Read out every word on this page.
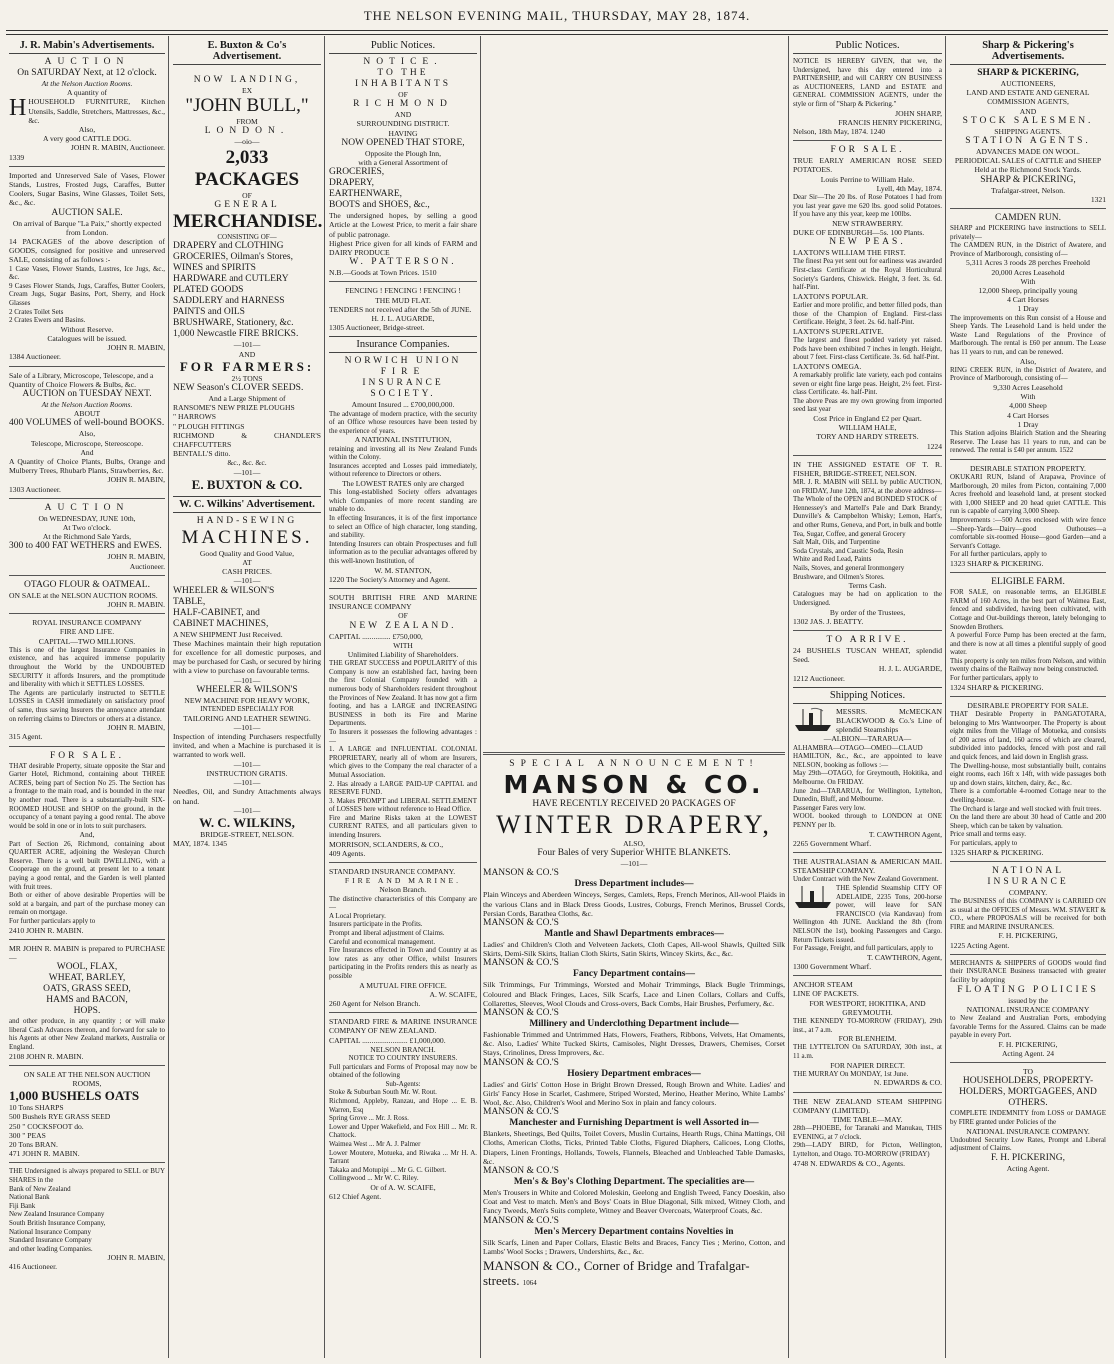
THE NELSON EVENING MAIL, THURSDAY, MAY 28, 1874.
J. R. Mabin's Advertisements.

AUCTION

On SATURDAY Next, at 12 o'clock.

At the Nelson Auction Rooms.

A quantity of

HHOUSEHOLD FURNITURE, Kitchen Utensils, Saddle, Stretchers, Mattresses, &c., &c.

Also,

A very good CATTLE DOG.

JOHN R. MABIN, Auctioneer.

1339

Imported and Unreserved Sale of Vases, Flower Stands, Lustres, Frosted Jugs, Caraffes, Butter Coolers, Sugar Basins, Wine Glasses, Toilet Sets, &c., &c.

AUCTION SALE.

On arrival of Barque "La Paix," shortly expected from London.

14 PACKAGES of the above description of GOODS, consigned for positive and unreserved SALE, consisting of as follows :-

1 Case Vases, Flower Stands, Lustres, Ice Jugs, &c., &c.

9 Cases Flower Stands, Jugs, Caraffes, Butter Coolers, Cream Jugs, Sugar Basins, Port, Sherry, and Hock Glasses

2 Crates Toilet Sets

2 Crates Ewers and Basins.

Without Reserve.

Catalogues will be issued.

JOHN R. MABIN,

1384 Auctioneer.

Sale of a Library, Microscope, Telescope, and a

Quantity of Choice Flowers & Bulbs, &c.

AUCTION on TUESDAY NEXT.

At the Nelson Auction Rooms.

ABOUT

400 VOLUMES of well-bound BOOKS.

Also,

Telescope, Microscope, Stereoscope.

And

A Quantity of Choice Plants, Bulbs, Orange and Mulberry Trees, Rhubarb Plants, Strawberries, &c.

JOHN R. MABIN,

1303 Auctioneer.

AUCTION

On WEDNESDAY, JUNE 10th,

At Two o'clock.

At the Richmond Sale Yards,

300 to 400 FAT WETHERS and EWES.

JOHN R. MABIN,

Auctioneer.

OTAGO FLOUR & OATMEAL.

ON SALE at the NELSON AUCTION ROOMS.

JOHN R. MABIN.

ROYAL INSURANCE COMPANY

FIRE AND LIFE.

CAPITAL—TWO MILLIONS.

This is one of the largest Insurance Companies in existence, and has acquired immense popularity throughout the World by the UNDOUBTED SECURITY it affords Insurers, and the promptitude and liberality with which it SETTLES LOSSES.

The Agents are particularly instructed to SETTLE LOSSES in CASH immediately on satisfactory proof of same, thus saving Insurers the annoyance attendant on referring claims to Directors or others at a distance.

JOHN R. MABIN,

315 Agent.

FOR SALE.

THAT desirable Property, situate opposite the Star and Garter Hotel, Richmond, containing about THREE ACRES, being part of Section No 25. The Section has a frontage to the main road, and is bounded in the rear by another road. There is a substantially-built SIX-ROOMED HOUSE and SHOP on the ground, in the occupancy of a tenant paying a good rental. The above would be sold in one or in lots to suit purchasers.

And,

Part of Section 26, Richmond, containing about QUARTER ACRE, adjoining the Wesleyan Church Reserve. There is a well built DWELLING, with a Cooperage on the ground, at present let to a tenant paying a good rental, and the Garden is well planted with fruit trees.

Both or either of above desirable Properties will be sold at a bargain, and part of the purchase money can remain on mortgage.

For further particulars apply to

2410 JOHN R. MABIN.

MR JOHN R. MABIN is prepared to PURCHASE—

WOOL, FLAX,

WHEAT, BARLEY,

OATS, GRASS SEED,

HAMS and BACON,

HOPS.

and other produce, in any quantity ; or will make liberal Cash Advances thereon, and forward for sale to his Agents at other New Zealand markets, Australia or England.

2108 JOHN R. MABIN.

ON SALE AT THE NELSON AUCTION ROOMS,

1,000 BUSHELS OATS

10 Tons SHARPS

500 Bushels RYE GRASS SEED

250 " COCKSFOOT do.

300 " PEAS

20 Tons BRAN.

471 JOHN R. MABIN.

THE Undersigned is always prepared to SELL or BUY SHARES in the

Bank of New Zealand

National Bank

Fiji Bank

New Zealand Insurance Company

South British Insurance Company,

National Insurance Company

Standard Insurance Company

and other leading Companies.

JOHN R. MABIN,

416 Auctioneer.

E. Buxton & Co's Advertisement.

NOW LANDING,

EX

"JOHN BULL,"

FROM

LONDON.

—oio—

2,033 PACKAGES

OF

GENERAL

MERCHANDISE.

CONSISTING OF—

DRAPERY and CLOTHING

GROCERIES, Oilman's Stores,

WINES and SPIRITS

HARDWARE and CUTLERY

PLATED GOODS

SADDLERY and HARNESS

PAINTS and OILS

BRUSHWARE, Stationery, &c.

1,000 Newcastle FIRE BRICKS.

—101—

AND

FOR FARMERS:

2½ TONS

NEW Season's CLOVER SEEDS.

And a Large Shipment of

RANSOME'S NEW PRIZE PLOUGHS

" HARROWS

" PLOUGH FITTINGS

RICHMOND & CHANDLER'S CHAFFCUTTERS

BENTALL'S ditto.

&c., &c. &c.

—101—

E. BUXTON & CO.

W. C. Wilkins' Advertisement.

HAND-SEWING

MACHINES.

Good Quality and Good Value,

AT

CASH PRICES.

—101—

WHEELER & WILSON'S

TABLE,

HALF-CABINET, and

CABINET MACHINES,

A NEW SHIPMENT Just Received.

These Machines maintain their high reputation for excellence for all domestic purposes, and may be purchased for Cash, or secured by hiring with a view to purchase on favourable terms.

—101—

WHEELER & WILSON'S

NEW MACHINE FOR HEAVY WORK,

INTENDED ESPECIALLY FOR

TAILORING AND LEATHER SEWING.

—101—

Inspection of intending Purchasers respectfully invited, and when a Machine is purchased it is warranted to work well.

—101—

INSTRUCTION GRATIS.

—101—

Needles, Oil, and Sundry Attachments always on hand.

—101—

W. C. WILKINS,

BRIDGE-STREET, NELSON.

MAY, 1874. 1345

Public Notices.

NOTICE.

TO THE INHABITANTS

OF

RICHMOND

AND

SURROUNDING DISTRICT.

HAVING

NOW OPENED THAT STORE,

Opposite the Plough Inn,

with a General Assortment of

GROCERIES,

DRAPERY,

EARTHENWARE,

BOOTS and SHOES, &c.,

The undersigned hopes, by selling a good Article at the Lowest Price, to merit a fair share of public patronage.

Highest Price given for all kinds of FARM and DAIRY PRODUCE

W. PATTERSON.

N.B.—Goods at Town Prices. 1510

FENCING ! FENCING ! FENCING !

THE MUD FLAT.

TENDERS not received after the 5th of JUNE.

H. J. L. AUGARDE,

1305 Auctioneer, Bridge-street.

Insurance Companies.

NORWICH UNION

FIRE

INSURANCE SOCIETY.

Amount Insured ... £700,000,000.

The advantage of modern practice, with the security of an Office whose resources have been tested by the experience of years.

A NATIONAL INSTITUTION,

retaining and investing all its New Zealand Funds within the Colony.

Insurances accepted and Losses paid immediately, without reference to Directors or others.

The LOWEST RATES only are charged

This long-established Society offers advantages which Companies of more recent standing are unable to do.

In effecting Insurances, it is of the first importance to select an Office of high character, long standing, and stability.

Intending Insurers can obtain Prospectuses and full information as to the peculiar advantages offered by this well-known Institution, of

W. M. STANTON,

1220 The Society's Attorney and Agent.

SOUTH BRITISH FIRE AND MARINE INSURANCE COMPANY

OF

NEW ZEALAND.

CAPITAL ............... £750,000,

WITH

Unlimited Liability of Shareholders.

THE GREAT SUCCESS and POPULARITY of this Company is now an established fact, having been the first Colonial Company founded with a numerous body of Shareholders resident throughout the Provinces of New Zealand. It has now got a firm footing, and has a LARGE and INCREASING BUSINESS in both its Fire and Marine Departments.

To Insurers it possesses the following advantages :—

1. A LARGE and INFLUENTIAL COLONIAL PROPRIETARY, nearly all of whom are Insurers, which gives to the Company the real character of a Mutual Association.

2. Has already a LARGE PAID-UP CAPITAL and RESERVE FUND.

3. Makes PROMPT and LIBERAL SETTLEMENT of LOSSES here without reference to Head Office.

Fire and Marine Risks taken at the LOWEST CURRENT RATES, and all particulars given to intending Insurers.

MORRISON, SCLANDERS, & CO.,

409 Agents.

STANDARD INSURANCE COMPANY.

FIRE AND MARINE.

Nelson Branch.

The distinctive characteristics of this Company are—

A Local Proprietary.

Insurers participate in the Profits.

Prompt and liberal adjustment of Claims.

Careful and economical management.

Fire Insurances effected in Town and Country at as low rates as any other Office, whilst Insurers participating in the Profits renders this as nearly as possible

A MUTUAL FIRE OFFICE.

A. W. SCAIFE,

260 Agent for Nelson Branch.

STANDARD FIRE & MARINE INSURANCE COMPANY OF NEW ZEALAND.

CAPITAL ........................ £1,000,000.

NELSON BRANCH.

NOTICE TO COUNTRY INSURERS.

Full particulars and Forms of Proposal may now be obtained of the following

Sub-Agents:

Stoke & Suburban South Mr. W. Rout.

Richmond, Appleby, Ranzau, and Hope ... E. B. Warren, Esq

Spring Grove ... Mr. J. Ross.

Lower and Upper Wakefield, and Fox Hill ... Mr. R. Chattock.

Waimea West ... Mr A. J. Palmer

Lower Moutere, Motueka, and Riwaka ... Mr H. A. Tarrant

Takaka and Motupipi ... Mr G. C. Gilbert.

Collingwood ... Mr W. C. Riley.

Or of A. W. SCAIFE,

612 Chief Agent.

SPECIAL ANNOUNCEMENT!

MANSON & CO.

HAVE RECENTLY RECEIVED 20 PACKAGES OF

WINTER DRAPERY,

ALSO,

Four Bales of very Superior WHITE BLANKETS.

—101—

MANSON & CO.'S

Dress Department includes—

Plain Winceys and Aberdeen Winceys, Serges, Camlets, Reps, French Merinos, All-wool Plaids in the various Clans and in Black Dress Goods, Lustres, Coburgs, French Merinos, Brussel Cords, Persian Cords, Barathea Cloths, &c.

MANSON & CO.'S

Mantle and Shawl Departments embraces—

Ladies' and Children's Cloth and Velveteen Jackets, Cloth Capes, All-wool Shawls, Quilted Silk Skirts, Demi-Silk Skirts, Italian Cloth Skirts, Satin Skirts, Wincey Skirts, &c., &c.

MANSON & CO.'S

Fancy Department contains—

Silk Trimmings, Fur Trimmings, Worsted and Mohair Trimmings, Black Bugle Trimmings, Coloured and Black Fringes, Laces, Silk Scarfs, Lace and Linen Collars, Collars and Cuffs, Collarettes, Sleeves, Wool Clouds and Cross-overs, Back Combs, Hair Brushes, Perfumery, &c.

MANSON & CO.'S

Millinery and Underclothing Department include—

Fashionable Trimmed and Untrimmed Hats, Flowers, Feathers, Ribbons, Velvets, Hat Ornaments, &c. Also, Ladies' White Tucked Skirts, Camisoles, Night Dresses, Drawers, Chemises, Corset Stays, Crinolines, Dress Improvers, &c.

MANSON & CO.'S

Hosiery Department embraces—

Ladies' and Girls' Cotton Hose in Bright Brown Dressed, Rough Brown and White. Ladies' and Girls' Fancy Hose in Scarlet, Cashmere, Striped Worsted, Merino, Heather Merino, White Lambs' Wool, &c. Also, Children's Wool and Merino Sox in plain and fancy colours.

MANSON & CO.'S

Manchester and Furnishing Department is well Assorted in—

Blankets, Sheetings, Bed Quilts, Toilet Covers, Muslin Curtains, Hearth Rugs, China Mattings, Oil Cloths, American Cloths, Ticks, Printed Table Cloths, Figured Diaphers, Calicoes, Long Cloths, Diapers, Linen Frontings, Hollands, Towels, Flannels, Bleached and Unbleached Table Damasks, &c.

MANSON & CO.'S

Men's & Boy's Clothing Department. The specialities are—

Men's Trousers in White and Colored Moleskin, Geelong and English Tweed, Fancy Doeskin, also Coat and Vest to match. Men's and Boys' Coats in Blue Diagonal, Silk mixed, Witney Cloth, and Fancy Tweeds, Men's Suits complete, Witney and Beaver Overcoats, Waterproof Coats, &c.

MANSON & CO.'S

Men's Mercery Department contains Novelties in

Silk Scarfs, Linen and Paper Collars, Elastic Belts and Braces, Fancy Ties ; Merino, Cotton, and Lambs' Wool Socks ; Drawers, Undershirts, &c., &c.

MANSON & CO., Corner of Bridge and Trafalgar-streets. 1064

Public Notices.

NOTICE IS HEREBY GIVEN, that we, the Undersigned, have this day entered into a PARTNERSHIP, and will CARRY ON BUSINESS as AUCTIONEERS, LAND and ESTATE and GENERAL COMMISSION AGENTS, under the style or firm of "Sharp & Pickering."

JOHN SHARP,

FRANCIS HENRY PICKERING,

Nelson, 18th May, 1874. 1240

FOR SALE.

TRUE EARLY AMERICAN ROSE SEED POTATOES.

Louis Perrine to William Hale.

Lyell, 4th May, 1874.

Dear Sir—The 20 lbs. of Rose Potatoes I had from you last year gave me 620 lbs. good solid Potatoes. If you have any this year, keep me 100lbs.

NEW STRAWBERRY.

DUKE OF EDINBURGH—5s. 100 Plants.

NEW PEAS.

LAXTON'S WILLIAM THE FIRST.

The finest Pea yet sent out for earliness was awarded First-class Certificate at the Royal Horticultural Society's Gardens, Chiswick. Height, 3 feet. 3s. 6d. half-Pint.

LAXTON'S POPULAR.

Earlier and more prolific, and better filled pods, than those of the Champion of England. First-class Certificate. Height, 3 feet. 2s. 6d. half-Pint.

LAXTON'S SUPERLATIVE.

The largest and finest podded variety yet raised. Pods have been exhibited 7 inches in length. Height, about 7 feet. First-class Certificate. 3s. 6d. half-Pint.

LAXTON'S OMEGA.

A remarkably prolific late variety, each pod contains seven or eight fine large peas. Height, 2½ feet. First-class Certificate. 4s. half-Pint.

The above Peas are my own growing from imported seed last year

Cost Price in England £2 per Quart.

WILLIAM HALE,

TORY AND HARDY STREETS.

1224

IN THE ASSIGNED ESTATE OF T. R. FISHER, BRIDGE-STREET, NELSON.

MR. J. R. MABIN will SELL by public AUCTION, on FRIDAY, June 12th, 1874, at the above address—

The Whole of the OPEN and BONDED STOCK of

Hennessey's and Martell's Pale and Dark Brandy; Dunville's & Campbelton Whisky; Lemon, Hart's, and other Rums, Geneva, and Port, in bulk and bottle

Tea, Sugar, Coffee, and general Grocery

Salt Malt, Oils, and Turpentine

Soda Crystals, and Caustic Soda, Resin

White and Red Lead, Paints

Nails, Stoves, and general Ironmongery

Brushware, and Oilmen's Stores.

Terms Cash.

Catalogues may be had on application to the Undersigned.

By order of the Trustees,

1302 JAS. J. BEATTY.

TO ARRIVE.

24 BUSHELS TUSCAN WHEAT, splendid Seed.

H. J. L. AUGARDE,

1212 Auctioneer.

Shipping Notices.

MESSRS. McMECKAN BLACKWOOD & Co.'s Line of splendid Steamships

—ALBION—TARARUA—

ALHAMBRA—OTAGO—OMEO—CLAUD HAMILTON, &c., &c., are appointed to leave NELSON, booking as follows :—

May 29th—OTAGO, for Greymouth, Hokitika, and Melbourne. On FRIDAY.

June 2nd—TARARUA, for Wellington, Lyttelton, Dunedin, Bluff, and Melbourne.

Passenger Fares very low.

WOOL booked through to LONDON at ONE PENNY per lb.

T. CAWTHRON Agent,

2265 Government Wharf.

THE AUSTRALASIAN & AMERICAN MAIL STEAMSHIP COMPANY.

Under Contract with the New Zealand Government.

THE Splendid Steamship CITY OF ADELAIDE, 2235 Tons, 200-horse power, will leave for SAN FRANCISCO (via Kandavau) from Wellington 4th JUNE. Auckland the 8th (from NELSON the 1st), booking Passengers and Cargo. Return Tickets issued.

For Passage, Freight, and full particulars, apply to

T. CAWTHRON, Agent,

1300 Government Wharf.

ANCHOR STEAM

LINE OF PACKETS.

FOR WESTPORT, HOKITIKA, AND GREYMOUTH.

THE KENNEDY TO-MORROW (FRIDAY), 29th inst., at 7 a.m.

FOR BLENHEIM.

THE LYTTELTON On SATURDAY, 30th inst., at 11 a.m.

FOR NAPIER DIRECT.

THE MURRAY On MONDAY, 1st June.

N. EDWARDS & CO.

THE NEW ZEALAND STEAM SHIPPING COMPANY (LIMITED).

TIME TABLE—MAY.

28th—PHOEBE, for Taranaki and Manukau, THIS EVENING, at 7 o'clock.

29th—LADY BIRD, for Picton, Wellington, Lyttelton, and Otago. TO-MORROW (FRIDAY)

4748 N. EDWARDS & CO., Agents.

Sharp & Pickering's Advertisements.

SHARP & PICKERING,

AUCTIONEERS,

LAND AND ESTATE AND GENERAL COMMISSION AGENTS,

AND

STOCK SALESMEN.

SHIPPING AGENTS.

STATION AGENTS.

ADVANCES MADE ON WOOL.

PERIODICAL SALES of CATTLE and SHEEP

Held at the Richmond Stock Yards.

SHARP & PICKERING,

Trafalgar-street, Nelson.

1321

CAMDEN RUN.

SHARP and PICKERING have instructions to SELL privately—

The CAMDEN RUN, in the District of Awatere, and Province of Marlborough, consisting of—

5,311 Acres 3 roods 28 perches Freehold

20,000 Acres Leasehold

With

12,000 Sheep, principally young

4 Cart Horses

1 Dray

The improvements on this Run consist of a House and Sheep Yards. The Leasehold Land is held under the Waste Land Regulations of the Province of Marlborough. The rental is £60 per annum. The Lease has 11 years to run, and can be renewed.

Also,

RING CREEK RUN, in the District of Awatere, and Province of Marlborough, consisting of—

9,330 Acres Leasehold

With

4,000 Sheep

4 Cart Horses

1 Dray

This Station adjoins Blairich Station and the Shearing Reserve. The Lease has 11 years to run, and can be renewed. The rental is £40 per annum. 1522

DESIRABLE STATION PROPERTY.

OKUKARI RUN, Island of Arapawa, Province of Marlborough, 20 miles from Picton, containing 7,000 Acres freehold and leasehold land, at present stocked with 1,000 SHEEP and 20 head quiet CATTLE. This run is capable of carrying 3,000 Sheep.

Improvements :—500 Acres enclosed with wire fence—Sheep-Yards—Dairy—good Outhouses—a comfortable six-roomed House—good Garden—and a Servant's Cottage.

For all further particulars, apply to

1323 SHARP & PICKERING.

ELIGIBLE FARM.

FOR SALE, on reasonable terms, an ELIGIBLE FARM of 160 Acres, in the best part of Waimea East, fenced and subdivided, having been cultivated, with Cottage and Out-buildings thereon, lately belonging to Snowden Brothers.

A powerful Force Pump has been erected at the farm, and there is now at all times a plentiful supply of good water.

This property is only ten miles from Nelson, and within twenty chains of the Railway now being constructed.

For further particulars, apply to

1324 SHARP & PICKERING.

DESIRABLE PROPERTY FOR SALE.

THAT Desirable Property in PANGATOTARA, belonging to Mrs Wantwoorper. The Property is about eight miles from the Village of Motueka, and consists of 200 acres of land, 160 acres of which are cleared, subdivided into paddocks, fenced with post and rail and quick fences, and laid down in English grass.

The Dwelling-house, most substantially built, contains eight rooms, each 16ft x 14ft, with wide passages both up and down stairs, kitchen, dairy, &c., &c.

There is a comfortable 4-roomed Cottage near to the dwelling-house.

The Orchard is large and well stocked with fruit trees.

On the land there are about 30 head of Cattle and 200 Sheep, which can be taken by valuation.

Price small and terms easy.

For particulars, apply to

1325 SHARP & PICKERING.

NATIONAL INSURANCE

COMPANY.

The BUSINESS of this COMPANY is CARRIED ON as usual at the OFFICES of Messrs. WM. STAVERT & CO., where PROPOSALS will be received for both FIRE and MARINE INSURANCES.

F. H. PICKERING,

1225 Acting Agent.

MERCHANTS & SHIPPERS of GOODS would find their INSURANCE Business transacted with greater facility by adopting

FLOATING POLICIES

issued by the

NATIONAL INSURANCE COMPANY

to New Zealand and Australian Ports, embodying favorable Terms for the Assured. Claims can be made payable in every Port.

F. H. PICKERING,

Acting Agent. 24

TO

HOUSEHOLDERS, PROPERTY-HOLDERS, MORTGAGEES, AND OTHERS.

COMPLETE INDEMNITY from LOSS or DAMAGE by FIRE granted under Policies of the

NATIONAL INSURANCE COMPANY.

Undoubted Security Low Rates, Prompt and Liberal adjustment of Claims.

F. H. PICKERING,

Acting Agent.
